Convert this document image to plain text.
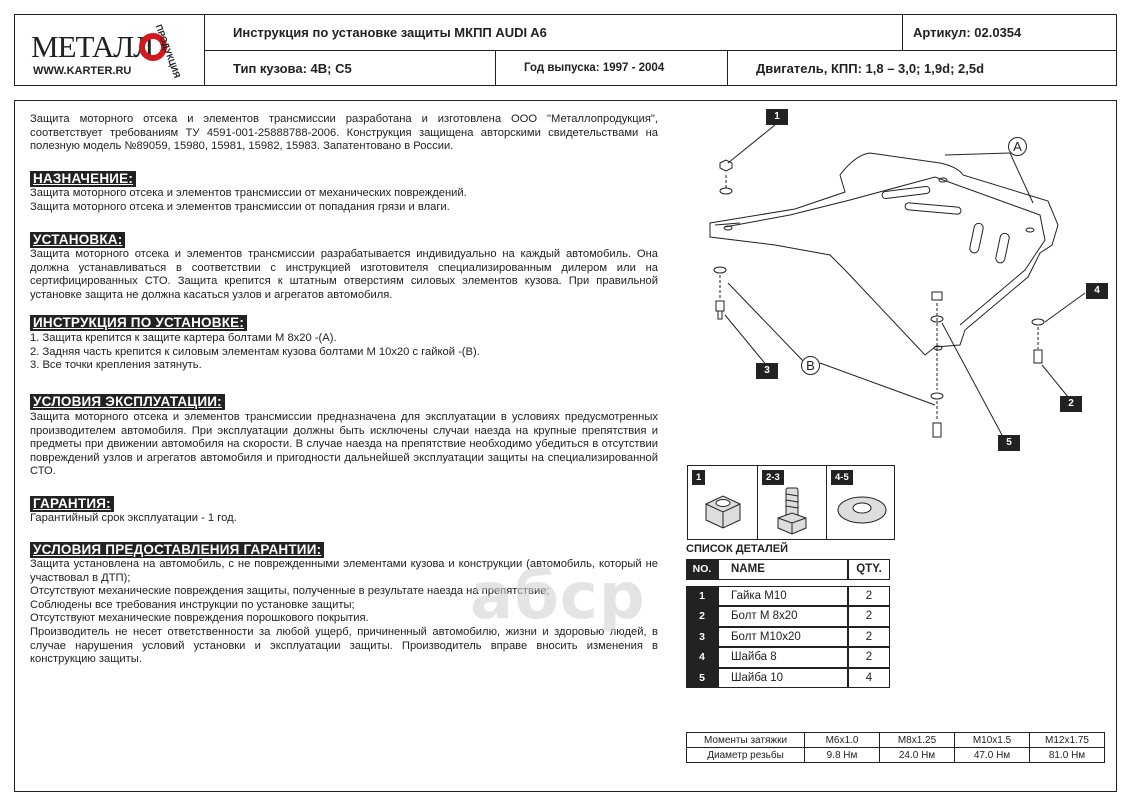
МЕТАЛЛ ПРОДУКЦИЯ
WWW.KARTER.RU
Инструкция по установке защиты МКПП AUDI A6	Артикул: 02.0354
Тип кузова: 4В; С5	Год выпуска: 1997 - 2004	Двигатель, КПП: 1,8 – 3,0; 1,9d; 2,5d
Защита моторного отсека и элементов трансмиссии разработана и изготовлена ООО "Металлопродукция", соответствует требованиям ТУ 4591-001-25888788-2006. Конструкция защищена авторскими свидетельствами на полезную модель №89059, 15980, 15981, 15982, 15983. Запатентовано в России.
НАЗНАЧЕНИЕ:

Защита моторного отсека и элементов трансмиссии от механических повреждений.

Защита моторного отсека и элементов трансмиссии от попадания грязи и влаги.

УСТАНОВКА:
Защита моторного отсека и элементов трансмиссии разрабатывается индивидуально на каждый автомобиль. Она должна устанавливаться в соответствии с инструкцией изготовителя специализированным дилером или на сертифицированных СТО. Защита крепится к штатным отверстиям силовых элементов кузова. При правильной установке защита не должна касаться узлов и агрегатов автомобиля.
ИНСТРУКЦИЯ ПО УСТАНОВКЕ:

1. Защита крепится к защите картера болтами М 8х20 -(А).

2. Задняя часть крепится к силовым элементам кузова болтами М 10х20 с гайкой -(В).

3. Все точки крепления затянуть.

УСЛОВИЯ ЭКСПЛУАТАЦИИ:
Защита моторного отсека и элементов трансмиссии предназначена для эксплуатации в условиях предусмотренных производителем автомобиля. При эксплуатации должны быть исключены случаи наезда на крупные препятствия и предметы при движении автомобиля на скорости. В случае наезда на препятствие необходимо убедиться в отсутствии повреждений узлов и агрегатов автомобиля и пригодности дальнейшей эксплуатации защиты на специализированной СТО.
ГАРАНТИЯ:
Гарантийный срок эксплуатации - 1 год.
УСЛОВИЯ ПРЕДОСТАВЛЕНИЯ ГАРАНТИИ:

Защита установлена на автомобиль, с не поврежденными элементами кузова и конструкции (автомобиль, который не участвовал в ДТП);

Отсутствуют механические повреждения защиты, полученные в результате наезда на препятствие;

Соблюдены все требования инструкции по установке защиты;

Отсутствуют механические повреждения порошкового покрытия.

Производитель не несет ответственности за любой ущерб, причиненный автомобилю, жизни и здоровью людей, в случае нарушения условий установки и эксплуатации защиты. Производитель вправе вносить изменения в конструкцию защиты.

aбcp
1
2
3
4
5
A
B
1	2-3	4-5
СПИСОК ДЕТАЛЕЙ
NO.	NAME	QTY.

1	Гайка М10	2
2	Болт М 8х20	2
3	Болт М10х20	2
4	Шайба 8	2
5	Шайба 10	4
Моменты затяжки	M6x1.0	M8x1.25	M10x1.5	M12x1.75
Диаметр резьбы	9.8 Нм	24.0 Нм	47.0 Нм	81.0 Нм
